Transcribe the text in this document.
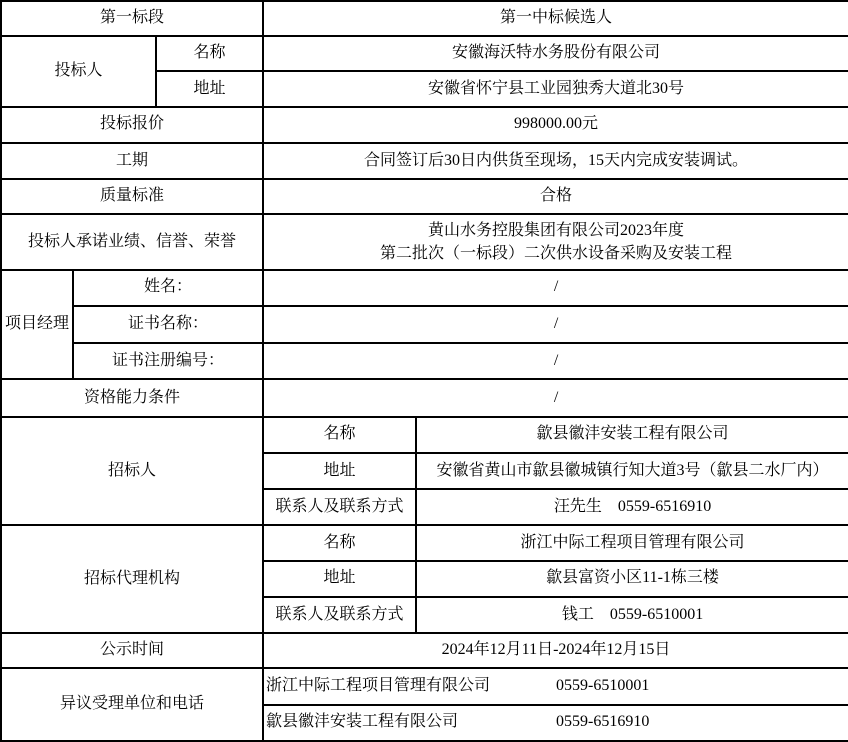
第一标段			第一中标候选人	
投标人		名称	安徽海沃特水务股份有限公司	
		地址	安徽省怀宁县工业园独秀大道北30号	
投标报价			998000.00元	
工期			合同签订后30日内供货至现场，15天内完成安装调试。	
质量标准			合格	
投标人承诺业绩、信誉、荣誉			黄山水务控股集团有限公司2023年度
第二批次（一标段）二次供水设备采购及安装工程	

项目经理	姓名：		/	
	证书名称：		/	
	证书注册编号：		/	
资格能力条件			/	
招标人			名称	歙县徽沣安装工程有限公司
			地址	安徽省黄山市歙县徽城镇行知大道3号（歙县二水厂内）
			联系人及联系方式	汪先生 0559-6516910
招标代理机构			名称	浙江中际工程项目管理有限公司
			地址	歙县富资小区11-1栋三楼
			联系人及联系方式	钱工 0559-6510001
公示时间			2024年12月11日-2024年12月15日	
异议受理单位和电话			浙江中际工程项目管理有限公司 0559-6510001	

			歙县徽沣安装工程有限公司 0559-6516910	
